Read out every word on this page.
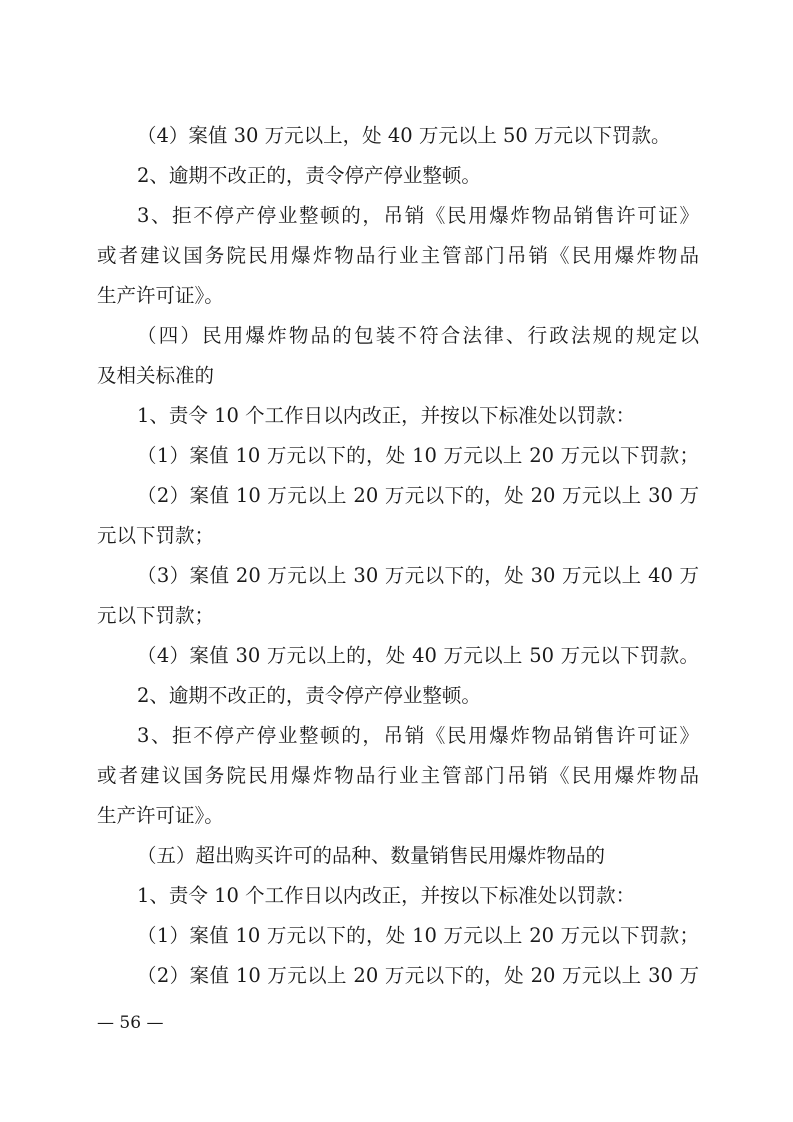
（4）案值 30 万元以上，处 40 万元以上 50 万元以下罚款。
2、逾期不改正的，责令停产停业整顿。
3、拒不停产停业整顿的，吊销《民用爆炸物品销售许可证》
或者建议国务院民用爆炸物品行业主管部门吊销《民用爆炸物品
生产许可证》。
（四）民用爆炸物品的包装不符合法律、行政法规的规定以
及相关标准的
1、责令 10 个工作日以内改正，并按以下标准处以罚款：
（1）案值 10 万元以下的，处 10 万元以上 20 万元以下罚款；
（2）案值 10 万元以上 20 万元以下的，处 20 万元以上 30 万
元以下罚款；
（3）案值 20 万元以上 30 万元以下的，处 30 万元以上 40 万
元以下罚款；
（4）案值 30 万元以上的，处 40 万元以上 50 万元以下罚款。
2、逾期不改正的，责令停产停业整顿。
3、拒不停产停业整顿的，吊销《民用爆炸物品销售许可证》
或者建议国务院民用爆炸物品行业主管部门吊销《民用爆炸物品
生产许可证》。
（五）超出购买许可的品种、数量销售民用爆炸物品的
1、责令 10 个工作日以内改正，并按以下标准处以罚款：
（1）案值 10 万元以下的，处 10 万元以上 20 万元以下罚款；
（2）案值 10 万元以上 20 万元以下的，处 20 万元以上 30 万
— 56 —
